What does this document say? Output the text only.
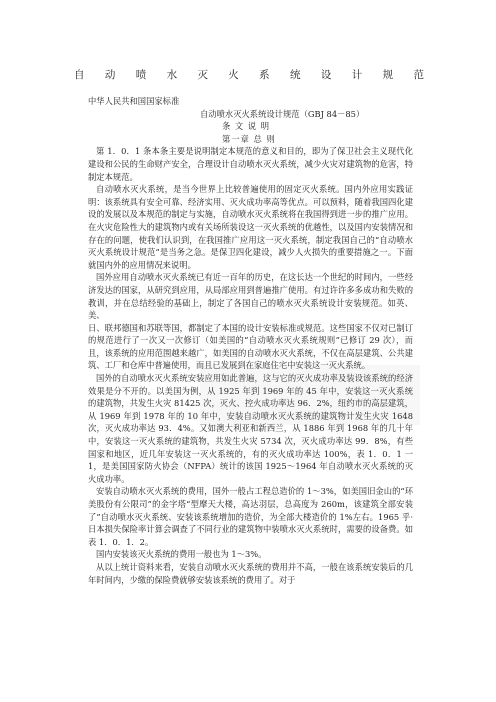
自 动 喷 水 灭 火 系 统 设 计 规 范

中华人民共和国国家标准

自动喷水灭火系统设计规范（GBJ 84－85）

条 文 说 明

第一章 总 则

第 1．0．1 条本条主要是说明制定本规范的意义和目的，即为了保卫社会主义现代化建设和公民的生命财产安全，合理设计自动喷水灭火系统，减少火灾对建筑物的危害，特制定本规范。

自动喷水灭火系统，是当今世界上比较普遍使用的固定灭火系统。国内外应用实践证明：该系统具有安全可靠、经济实用、灭火成功率高等优点。可以预料，随着我国四化建设的发展以及本规范的制定与实施，自动喷水灭火系统将在我国得到进一步的推广应用。在火灾危险性大的建筑物内或有关场所装设这一灭火系统的优越性，以及国内安装情况和存在的问题，使我们认识到，在我国推广应用这一灭火系统，制定我国自己的“自动喷水灭火系统设计规范”是当务之急。是保卫四化建设，减少人火损失的重要措施之一。下面就国内外的应用情况来说明。

国外应用自动喷水灭火系统已有近一百年的历史，在这长达一个世纪的时间内，一些经济发达的国家，从研究到应用，从局部应用到普遍推广使用。有过许许多多成功和失败的教训，并在总结经验的基础上，制定了各国自己的喷水灭火系统设计安装规范。如英、美、

日、联邦德国和苏联等国，都制定了本国的设计安装标准或规范。这些国家不仅对已制订的规范进行了一次又一次修订（如美国的“自动喷水灭火系统规则”已修订 29 次），而且，该系统的应用范围越来越广，如美国的自动喷水灭火系统，不仅在高层建筑、公共建筑、工厂和仓库中普遍使用，而且已发展到在家庭住宅中安装这一灭火系统。

国外的自动喷水灭火系统安装应用如此普遍，这与它的灭火成功率及装设该系统的经济效果是分不开的。以美国为例，从 1925 年到 1969 年的 45 年中，安装这一灭火系统的建筑物，共发生火灾 81425 次，灭火、控火成功率达 96．2%，纽约市的高层建筑，从 1969 年到 1978 年的 10 年中，安装自动喷水灭火系统的建筑物计发生火灾 1648 次，灭火成功率达 93．4%。又如澳大利亚和新西兰，从 1886 年到 1968 年的几十年中，安装这一灭火系统的建筑物，共发生火灾 5734 次，灭火成功率达 99．8%，有些国家和地区，近几年安装这一灭火系统的，有的灭火成功率达 100%，表 1．0．1 一 1，是美国国家防火协会（NFPA）统计的该国 1925～1964 年自动喷水灭火系统的灭火成功率。

安装自动喷水灭火系统的费用，国外一般占工程总造价的 1～3%，如美国旧金山的“环美股份有公限司”的金字塔“型摩天大楼，高达羽层，总高度为 260m，该建筑全部安装了”自动喷水灭火系统、安装该系统增加的造价，为全部大楼造价的 1%左右。1965 乎·日本损失保险率计算会调查了不同行业的建筑物中装喷水灭火系统时，需要的设备费。如表 1．0．1．2。

国内安装该灭火系统的费用一般也为 1～3%。

从以上统计资料来看，安装自动喷水灭火系统的费用并不高，一般在该系统安装后的几年时间内，少缴的保险费就够安装该系统的费用了。对于
